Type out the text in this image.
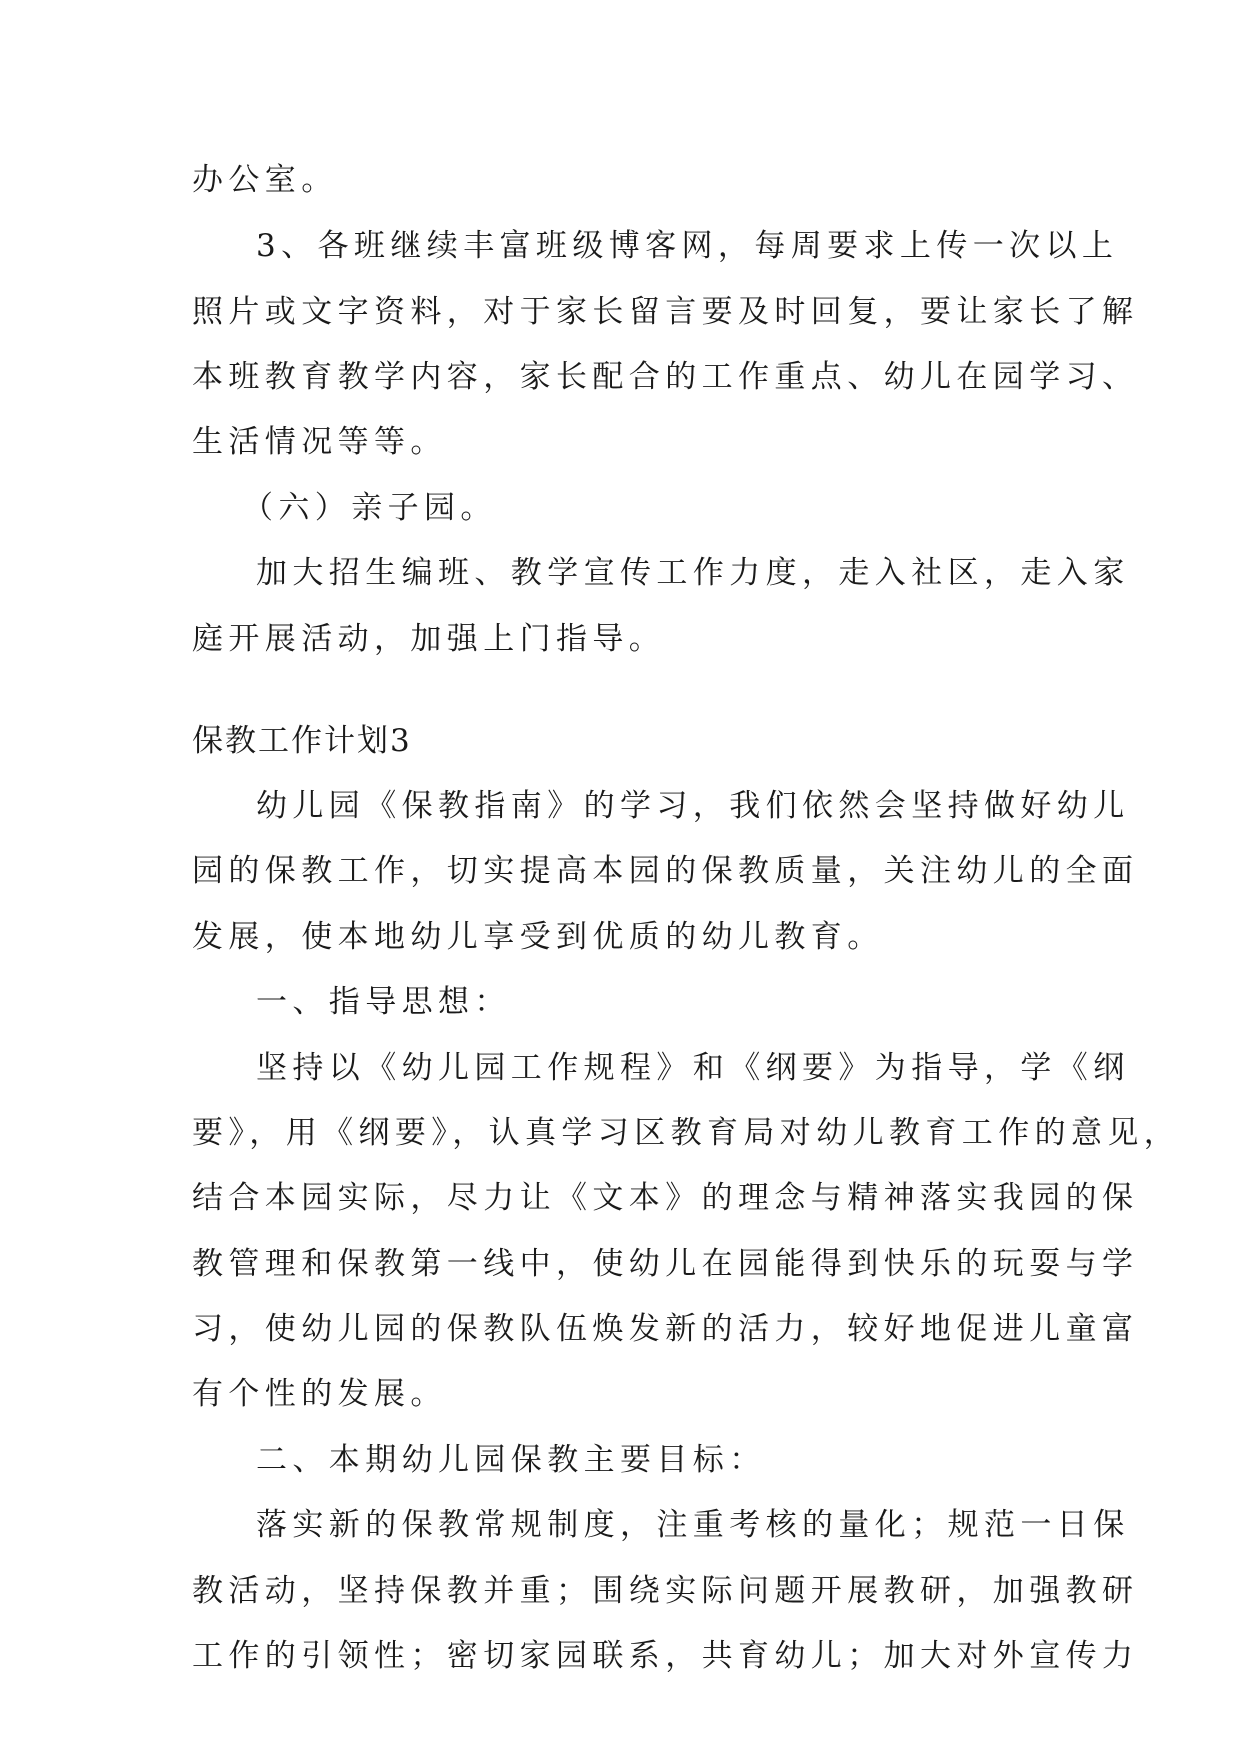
办公室。

3、各班继续丰富班级博客网，每周要求上传一次以上

照片或文字资料，对于家长留言要及时回复，要让家长了解

本班教育教学内容，家长配合的工作重点、幼儿在园学习、

生活情况等等。

（六）亲子园。

加大招生编班、教学宣传工作力度，走入社区，走入家

庭开展活动，加强上门指导。

保教工作计划3

幼儿园《保教指南》的学习，我们依然会坚持做好幼儿

园的保教工作，切实提高本园的保教质量，关注幼儿的全面

发展，使本地幼儿享受到优质的幼儿教育。

一、指导思想：

坚持以《幼儿园工作规程》和《纲要》为指导，学《纲

要》，用《纲要》，认真学习区教育局对幼儿教育工作的意见，

结合本园实际，尽力让《文本》的理念与精神落实我园的保

教管理和保教第一线中，使幼儿在园能得到快乐的玩耍与学

习，使幼儿园的保教队伍焕发新的活力，较好地促进儿童富

有个性的发展。

二、本期幼儿园保教主要目标：

落实新的保教常规制度，注重考核的量化；规范一日保

教活动，坚持保教并重；围绕实际问题开展教研，加强教研

工作的引领性；密切家园联系，共育幼儿；加大对外宣传力
